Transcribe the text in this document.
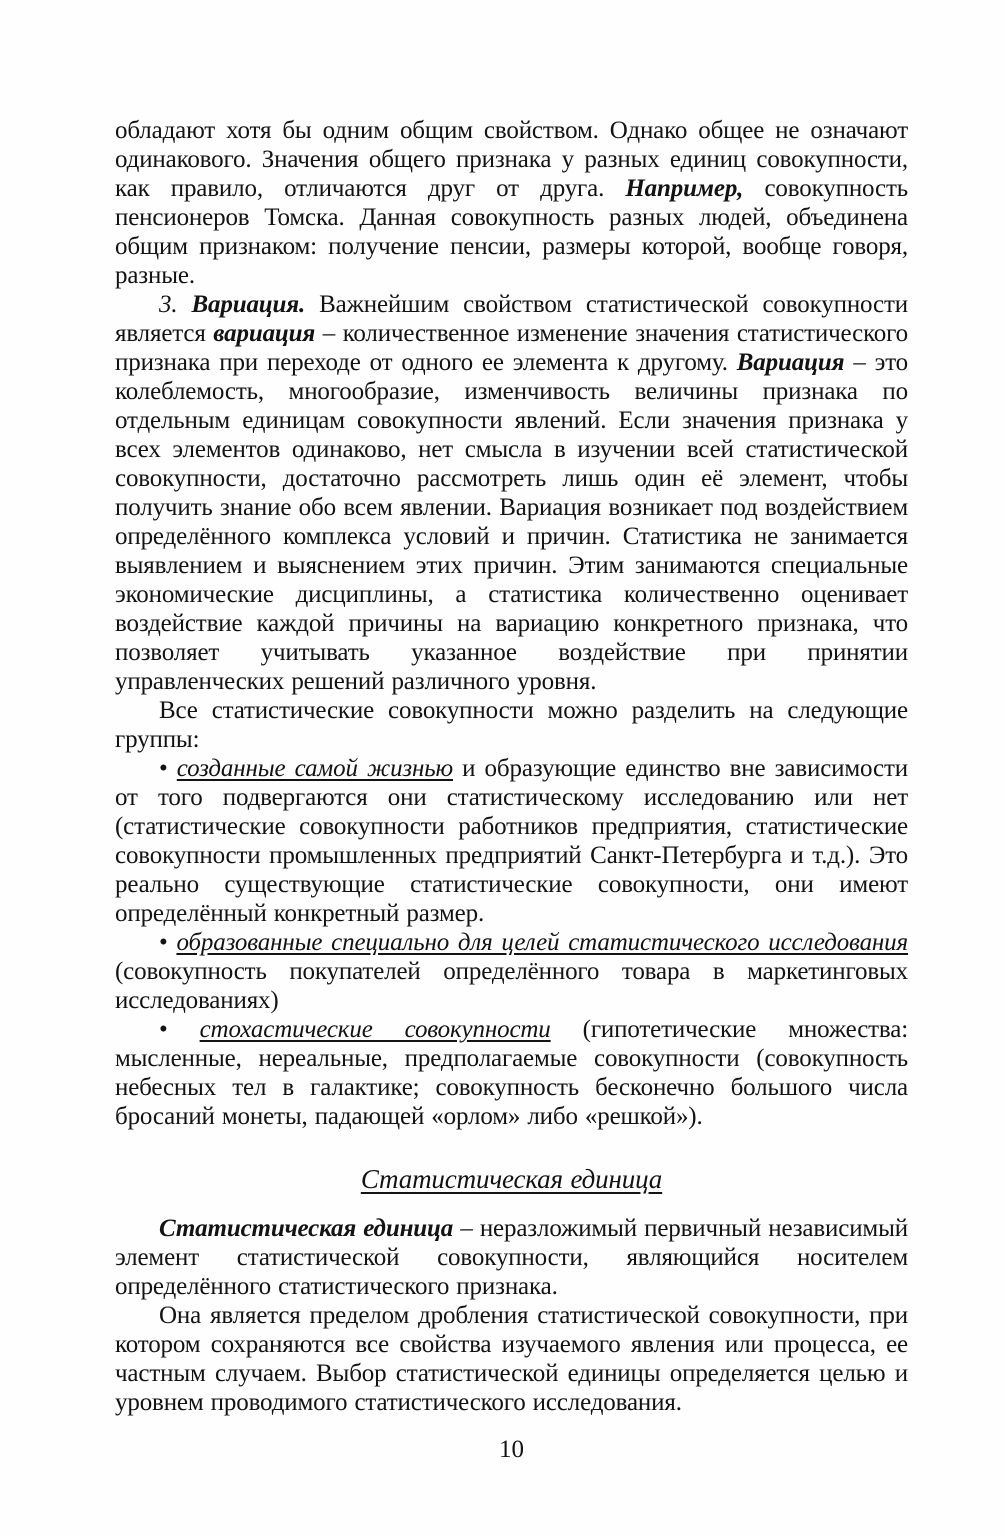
обладают хотя бы одним общим свойством. Однако общее не означают одинакового. Значения общего признака у разных единиц совокупности, как правило, отличаются друг от друга. Например, совокупность пенсионеров Томска. Данная совокупность разных людей, объединена общим признаком: получение пенсии, размеры которой, вообще говоря, разные.

3. Вариация. Важнейшим свойством статистической совокупности является вариация – количественное изменение значения статистического признака при переходе от одного ее элемента к другому. Вариация – это колеблемость, многообразие, изменчивость величины признака по отдельным единицам совокупности явлений. Если значения признака у всех элементов одинаково, нет смысла в изучении всей статистической совокупности, достаточно рассмотреть лишь один её элемент, чтобы получить знание обо всем явлении. Вариация возникает под воздействием определённого комплекса условий и причин. Статистика не занимается выявлением и выяснением этих причин. Этим занимаются специальные экономические дисциплины, а статистика количественно оценивает воздействие каждой причины на вариацию конкретного признака, что позволяет учитывать указанное воздействие при принятии управленческих решений различного уровня.

Все статистические совокупности можно разделить на следующие группы:

• созданные самой жизнью и образующие единство вне зависимости от того подвергаются они статистическому исследованию или нет (статистические совокупности работников предприятия, статистические совокупности промышленных предприятий Санкт-Петербурга и т.д.). Это реально существующие статистические совокупности, они имеют определённый конкретный размер.

• образованные специально для целей статистического исследования (совокупность покупателей определённого товара в маркетинговых исследованиях)

• стохастические совокупности (гипотетические множества: мысленные, нереальные, предполагаемые совокупности (совокупность небесных тел в галактике; совокупность бесконечно большого числа бросаний монеты, падающей «орлом» либо «решкой»).

Статистическая единица

Статистическая единица – неразложимый первичный независимый элемент статистической совокупности, являющийся носителем определённого статистического признака.

Она является пределом дробления статистической совокупности, при котором сохраняются все свойства изучаемого явления или процесса, ее частным случаем. Выбор статистической единицы определяется целью и уровнем проводимого статистического исследования.

10
